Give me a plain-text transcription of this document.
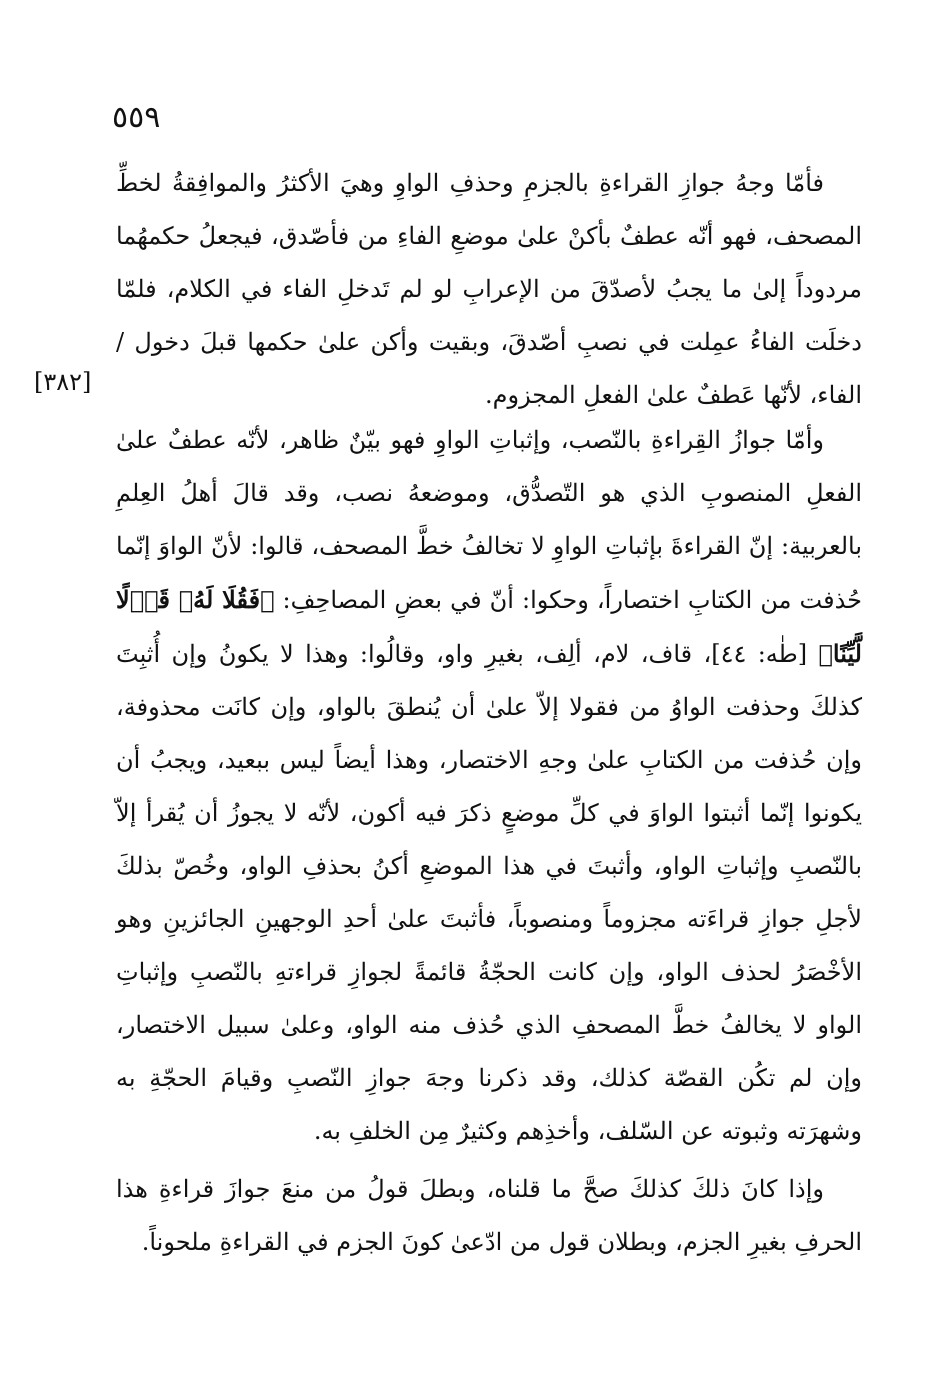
٥٥٩
[٣٨٢]

فأمّا وجهُ جوازِ القراءةِ بالجزمِ وحذفِ الواوِ وهيَ الأكثرُ والموافِقةُ لخطِّ المصحف، فهو أنّه عطفٌ بأكنْ علىٰ موضعِ الفاءِ من فأصّدق، فيجعلُ حكمهُما مردوداً إلىٰ ما يجبُ لأصدّقَ من الإعرابِ لو لم تَدخلِ الفاء في الكلام، فلمّا دخلَت الفاءُ عمِلت في نصبِ أصّدقَ، وبقيت وأكن علىٰ حكمها قبلَ دخول / الفاء، لأنّها عَطفٌ علىٰ الفعلِ المجزوم.

وأمّا جوازُ القِراءةِ بالنّصب، وإثباتِ الواوِ فهو بيّنٌ ظاهر، لأنّه عطفٌ علىٰ الفعلِ المنصوبِ الذي هو التّصدُّق، وموضعهُ نصب، وقد قالَ أهلُ العِلمِ بالعربية: إنّ القراءةَ بإثباتِ الواوِ لا تخالفُ خطَّ المصحف، قالوا: لأنّ الواوَ إنّما حُذفت من الكتابِ اختصاراً، وحكوا: أنّ في بعضِ المصاحِفِ: ﴿فَقُلَا لَهُۥ قَوۡلًا لَّيِّنًا﴾ [طٰه: ٤٤]، قاف، لام، ألِف، بغيرِ واو، وقالُوا: وهذا لا يكونُ وإن أُثبِتَ كذلكَ وحذفت الواوُ من فقولا إلاّ علىٰ أن يُنطقَ بالواو، وإن كانَت محذوفة، وإن حُذفت من الكتابِ علىٰ وجهِ الاختصار، وهذا أيضاً ليس ببعيد، ويجبُ أن يكونوا إنّما أثبتوا الواوَ في كلِّ موضعٍ ذكرَ فيه أكون، لأنّه لا يجوزُ أن يُقرأ إلاّ بالنّصبِ وإثباتِ الواو، وأثبتَ في هذا الموضعِ أكنُ بحذفِ الواو، وخُصّ بذلكَ لأجلِ جوازِ قراءَته مجزوماً ومنصوباً، فأثبتَ علىٰ أحدِ الوجهينِ الجائزينِ وهو الأخْصَرُ لحذف الواو، وإن كانت الحجّةُ قائمةً لجوازِ قراءتهِ بالنّصبِ وإثباتِ الواو لا يخالفُ خطَّ المصحفِ الذي حُذف منه الواو، وعلىٰ سبيل الاختصار، وإن لم تكُن القصّة كذلك، وقد ذكرنا وجهَ جوازِ النّصبِ وقيامَ الحجّةِ به وشهرَته وثبوته عن السّلف، وأخذِهم وكثيرٌ مِن الخلفِ به.

وإذا كانَ ذلكَ كذلكَ صحَّ ما قلناه، وبطلَ قولُ من منعَ جوازَ قراءةِ هذا الحرفِ بغيرِ الجزم، وبطلان قول من ادّعىٰ كونَ الجزم في القراءةِ ملحوناً.
